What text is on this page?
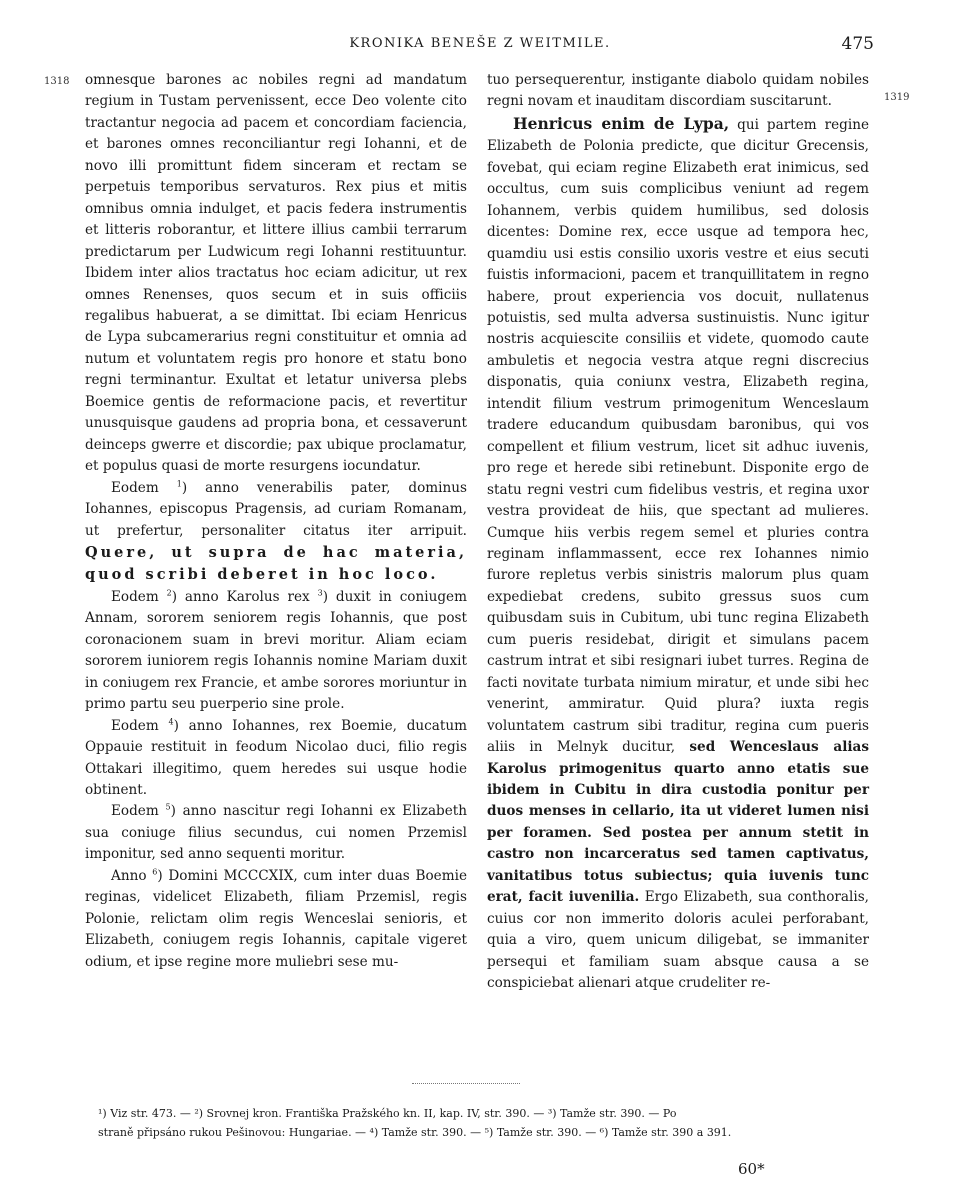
KRONIKA BENEŠE Z WEITMILE.	475
1318
1319

omnesque barones ac nobiles regni ad mandatum regium in Tustam pervenissent, ecce Deo volente cito tractantur negocia ad pacem et concordiam faciencia, et barones omnes reconciliantur regi Iohanni, et de novo illi promittunt fidem sinceram et rectam se perpetuis temporibus servaturos. Rex pius et mitis omnibus omnia indulget, et pacis federa instrumentis et litteris roborantur, et littere illius cambii terrarum predictarum per Ludwicum regi Iohanni restituuntur. Ibidem inter alios tractatus hoc eciam adicitur, ut rex omnes Renenses, quos secum et in suis officiis regalibus habuerat, a se dimittat. Ibi eciam Henricus de Lypa subcamerarius regni constituitur et omnia ad nutum et voluntatem regis pro honore et statu bono regni terminantur. Exultat et letatur universa plebs Boemice gentis de reformacione pacis, et revertitur unusquisque gaudens ad propria bona, et cessaverunt deinceps gwerre et discordie; pax ubique proclamatur, et populus quasi de morte resurgens iocundatur.

Eodem $^1$) anno venerabilis pater, dominus Iohannes, episcopus Pragensis, ad curiam Romanam, ut prefertur, personaliter citatus iter arripuit. Quere, ut supra de hac materia, quod scribi deberet in hoc loco.

Eodem $^2$) anno Karolus rex $^3$) duxit in coniugem Annam, sororem seniorem regis Iohannis, que post coronacionem suam in brevi moritur. Aliam eciam sororem iuniorem regis Iohannis nomine Mariam duxit in coniugem rex Francie, et ambe sorores moriuntur in primo partu seu puerperio sine prole.

Eodem $^4$) anno Iohannes, rex Boemie, ducatum Oppauie restituit in feodum Nicolao duci, filio regis Ottakari illegitimo, quem heredes sui usque hodie obtinent.

Eodem $^5$) anno nascitur regi Iohanni ex Elizabeth sua coniuge filius secundus, cui nomen Przemisl imponitur, sed anno sequenti moritur.

Anno $^6$) Domini MCCCXIX, cum inter duas Boemie reginas, videlicet Elizabeth, filiam Przemisl, regis Polonie, relictam olim regis Wenceslai senioris, et Elizabeth, coniugem regis Iohannis, capitale vigeret odium, et ipse regine more muliebri sese mu-

tuo persequerentur, instigante diabolo quidam nobiles regni novam et inauditam discordiam suscitarunt.

Henricus enim de Lypa, qui partem regine Elizabeth de Polonia predicte, que dicitur Grecensis, fovebat, qui eciam regine Elizabeth erat inimicus, sed occultus, cum suis complicibus veniunt ad regem Iohannem, verbis quidem humilibus, sed dolosis dicentes: Domine rex, ecce usque ad tempora hec, quamdiu usi estis consilio uxoris vestre et eius secuti fuistis informacioni, pacem et tranquillitatem in regno habere, prout experiencia vos docuit, nullatenus potuistis, sed multa adversa sustinuistis. Nunc igitur nostris acquiescite consiliis et videte, quomodo caute ambuletis et negocia vestra atque regni discrecius disponatis, quia coniunx vestra, Elizabeth regina, intendit filium vestrum primogenitum Wenceslaum tradere educandum quibusdam baronibus, qui vos compellent et filium vestrum, licet sit adhuc iuvenis, pro rege et herede sibi retinebunt. Disponite ergo de statu regni vestri cum fidelibus vestris, et regina uxor vestra provideat de hiis, que spectant ad mulieres. Cumque hiis verbis regem semel et pluries contra reginam inflammassent, ecce rex Iohannes nimio furore repletus verbis sinistris malorum plus quam expediebat credens, subito gressus suos cum quibusdam suis in Cubitum, ubi tunc regina Elizabeth cum pueris residebat, dirigit et simulans pacem castrum intrat et sibi resignari iubet turres. Regina de facti novitate turbata nimium miratur, et unde sibi hec venerint, ammiratur. Quid plura? iuxta regis voluntatem castrum sibi traditur, regina cum pueris aliis in Melnyk ducitur, sed Wenceslaus alias Karolus primogenitus quarto anno etatis sue ibidem in Cubitu in dira custodia ponitur per duos menses in cellario, ita ut videret lumen nisi per foramen. Sed postea per annum stetit in castro non incarceratus sed tamen captivatus, vanitatibus totus subiectus; quia iuvenis tunc erat, facit iuvenilia. Ergo Elizabeth, sua conthoralis, cuius cor non immerito doloris aculei perforabant, quia a viro, quem unicum diligebat, se immaniter persequi et familiam suam absque causa a se conspiciebat alienari atque crudeliter re-

¹) Viz str. 473. — ²) Srovnej kron. Františka Pražského kn. II, kap. IV, str. 390. — ³) Tamže str. 390. — Po

straně připsáno rukou Pešinovou: Hungariae. — ⁴) Tamže str. 390. — ⁵) Tamže str. 390. — ⁶) Tamže str. 390 a 391.

60*
